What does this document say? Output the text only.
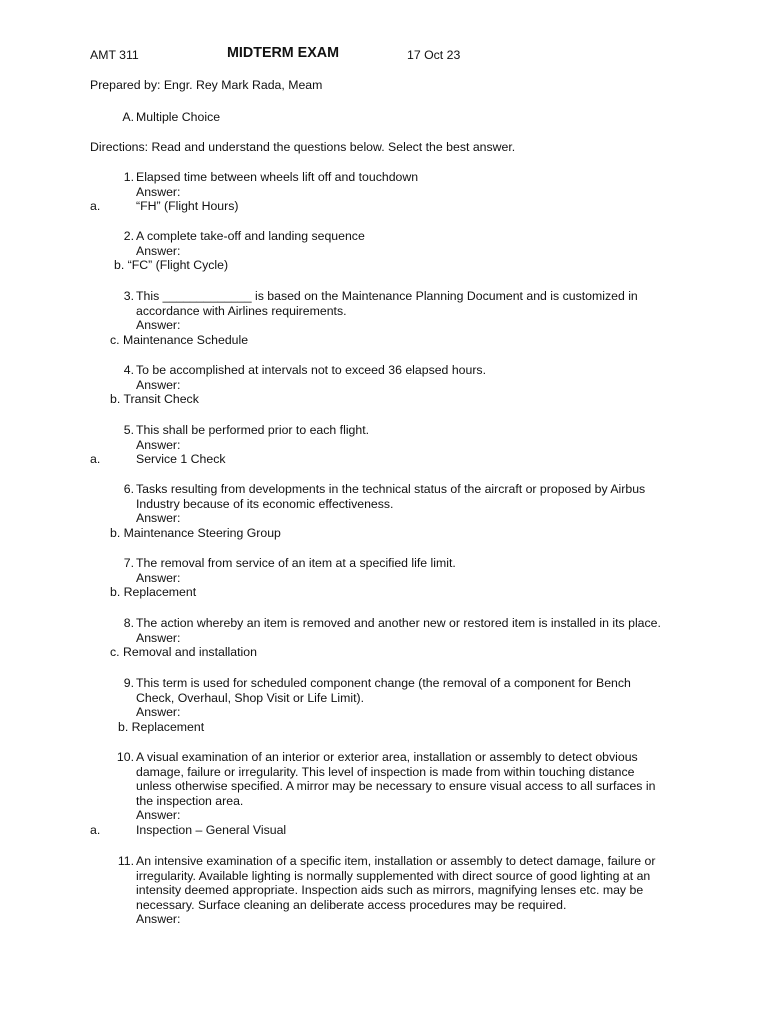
AMT 311	MIDTERM EXAM	17 Oct 23
Prepared by: Engr. Rey Mark Rada, Meam
A. Multiple Choice
Directions: Read and understand the questions below. Select the best answer.
1. Elapsed time between wheels lift off and touchdown
Answer:
a.	“FH” (Flight Hours)
2. A complete take-off and landing sequence
Answer:
b. “FC” (Flight Cycle)
3. This _____________ is based on the Maintenance Planning Document and is customized in
accordance with Airlines requirements.
Answer:
c. Maintenance Schedule
4. To be accomplished at intervals not to exceed 36 elapsed hours.
Answer:
b. Transit Check
5. This shall be performed prior to each flight.
Answer:
a.	Service 1 Check
6. Tasks resulting from developments in the technical status of the aircraft or proposed by Airbus
Industry because of its economic effectiveness.
Answer:
b. Maintenance Steering Group
7. The removal from service of an item at a specified life limit.
Answer:
b. Replacement
8. The action whereby an item is removed and another new or restored item is installed in its place.
Answer:
c. Removal and installation
9. This term is used for scheduled component change (the removal of a component for Bench
Check, Overhaul, Shop Visit or Life Limit).
Answer:
b. Replacement
10. A visual examination of an interior or exterior area, installation or assembly to detect obvious
damage, failure or irregularity. This level of inspection is made from within touching distance
unless otherwise specified. A mirror may be necessary to ensure visual access to all surfaces in
the inspection area.
Answer:
a.	Inspection – General Visual
11. An intensive examination of a specific item, installation or assembly to detect damage, failure or
irregularity. Available lighting is normally supplemented with direct source of good lighting at an
intensity deemed appropriate. Inspection aids such as mirrors, magnifying lenses etc. may be
necessary. Surface cleaning an deliberate access procedures may be required.
Answer:
